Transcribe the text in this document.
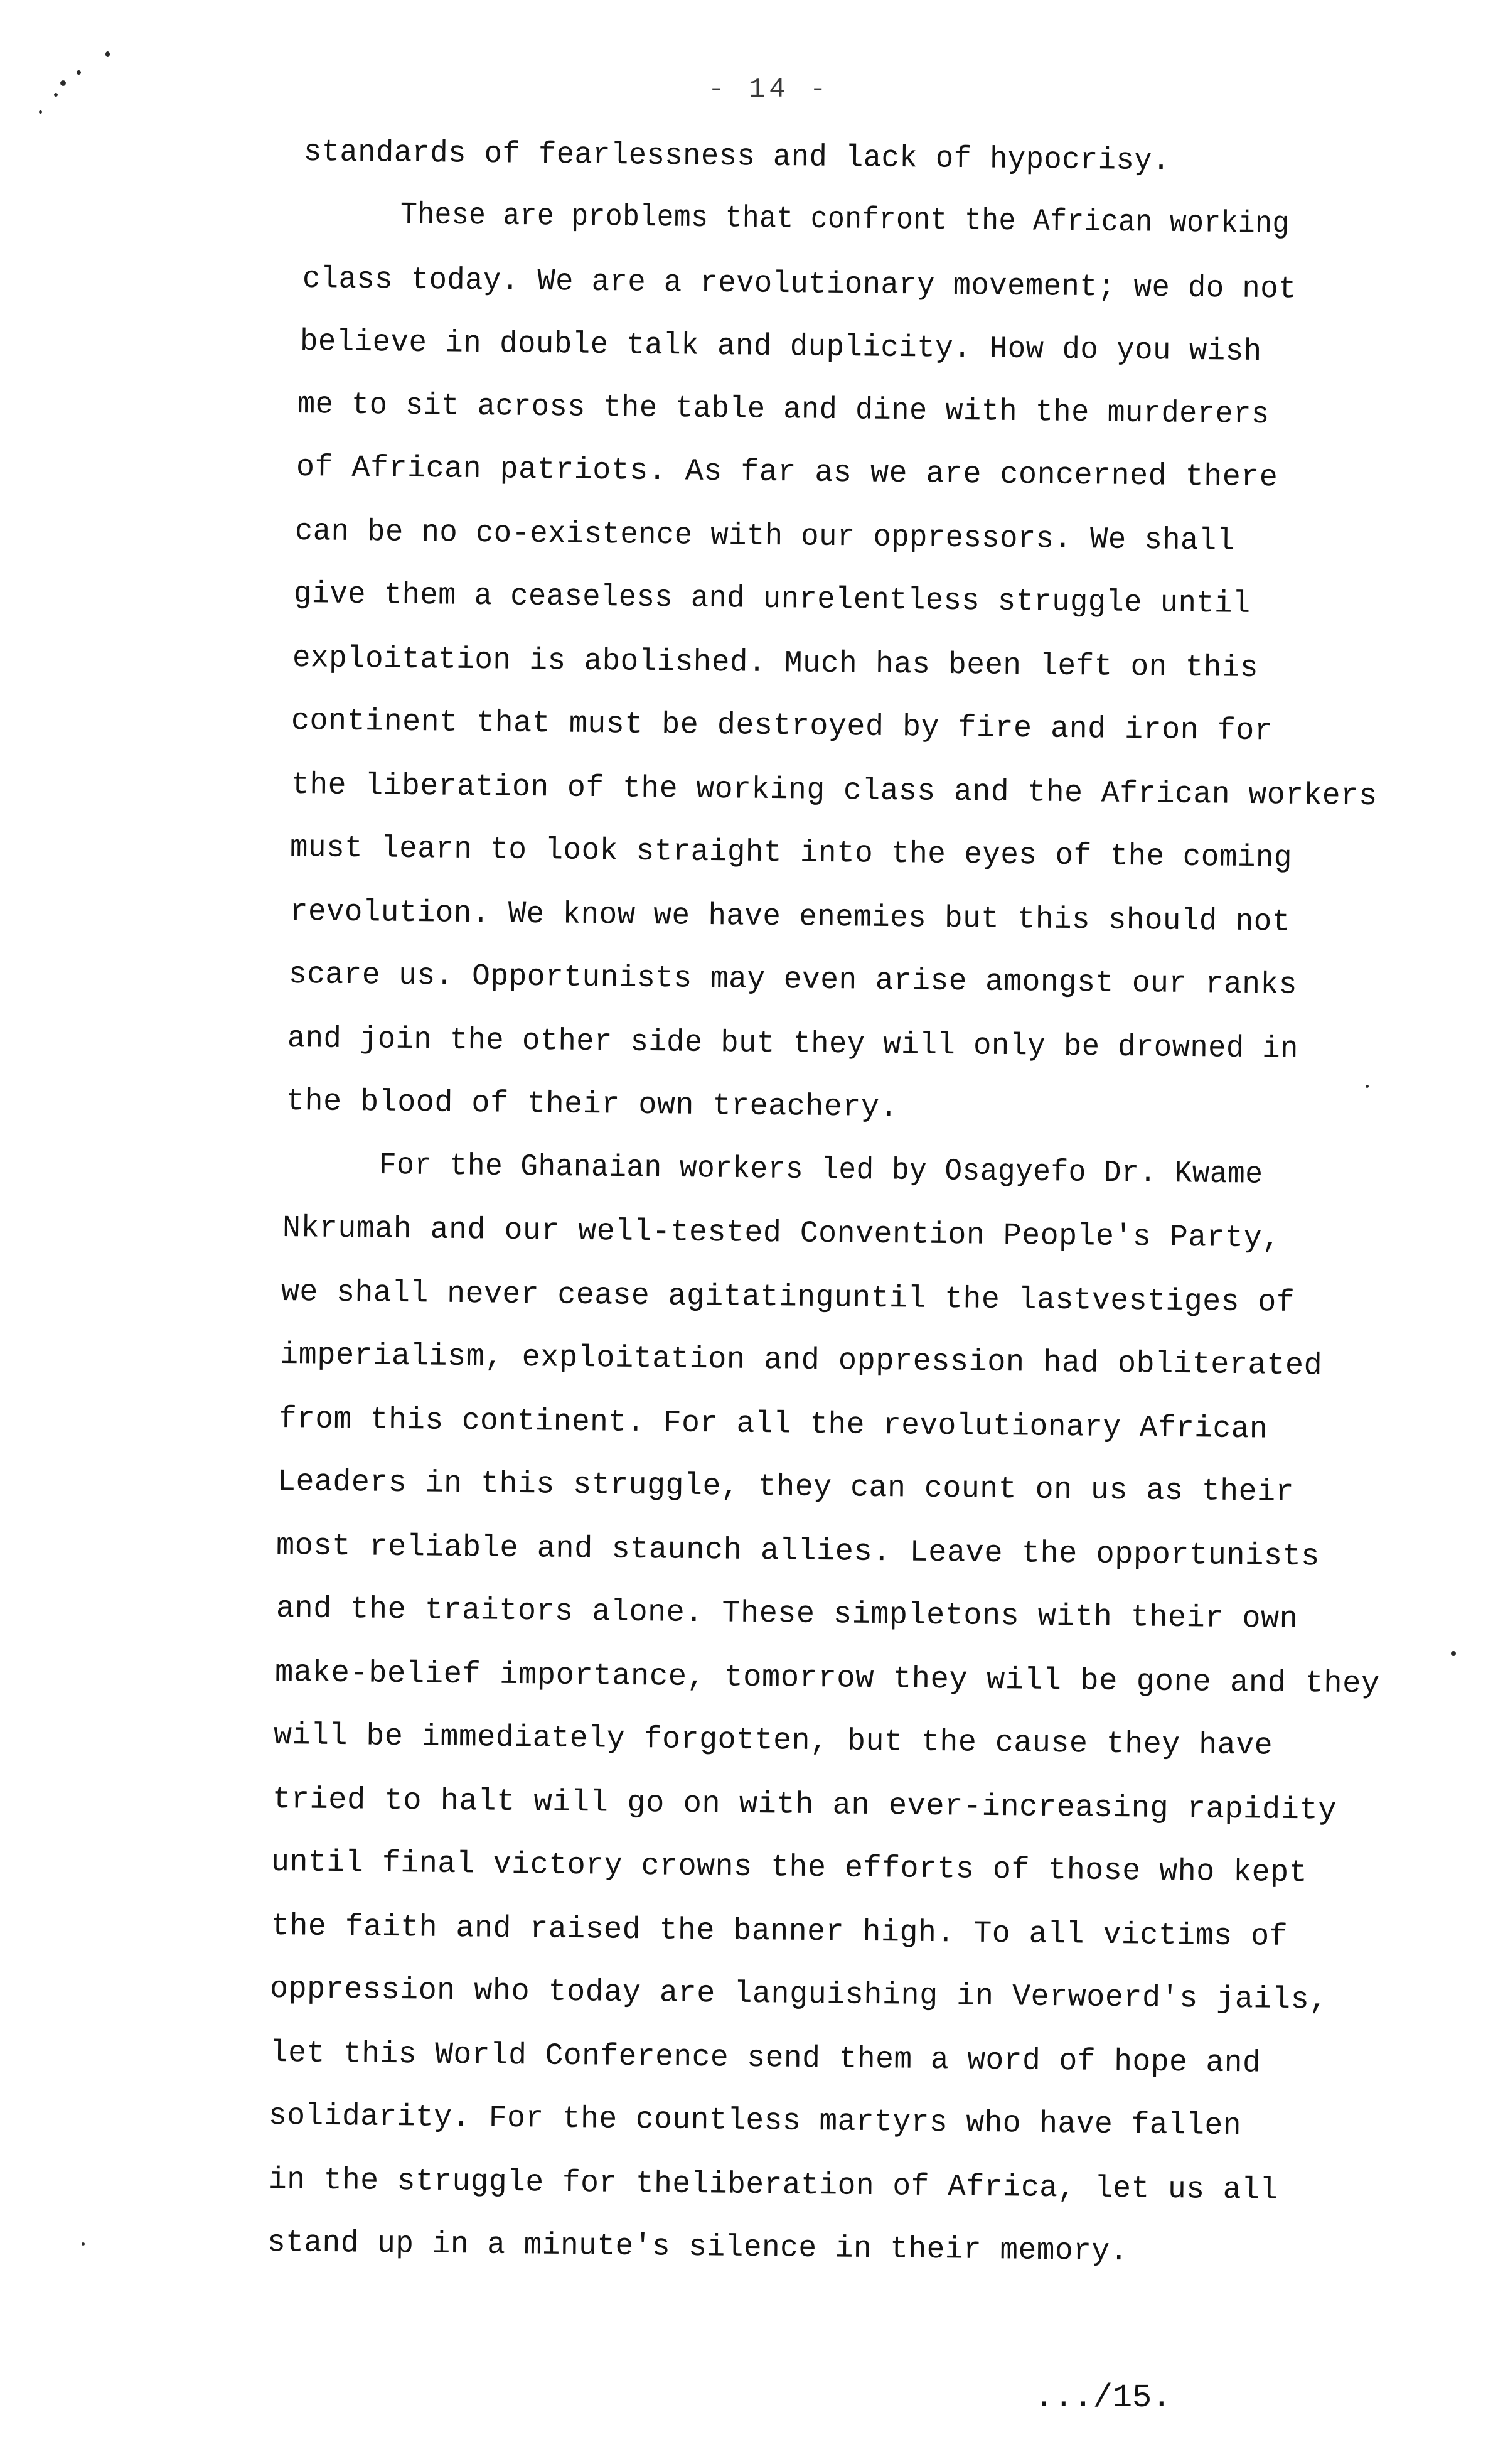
- 14 -
standards of fearlessness and lack of hypocrisy.
These are problems that confront the African working
class today. We are a revolutionary movement; we do not
believe in double talk and duplicity. How do you wish
me to sit across the table and dine with the murderers
of African patriots. As far as we are concerned there
can be no co-existence with our oppressors. We shall
give them a ceaseless and unrelentless struggle until
exploitation is abolished. Much has been left on this
continent that must be destroyed by fire and iron for
the liberation of the working class and the African workers
must learn to look straight into the eyes of the coming
revolution. We know we have enemies but this should not
scare us. Opportunists may even arise amongst our ranks
and join the other side but they will only be drowned in
the blood of their own treachery.
For the Ghanaian workers led by Osagyefo Dr. Kwame
Nkrumah and our well-tested Convention People's Party,
we shall never cease agitatinguntil the lastvestiges of
imperialism, exploitation and oppression had obliterated
from this continent. For all the revolutionary African
Leaders in this struggle, they can count on us as their
most reliable and staunch allies. Leave the opportunists
and the traitors alone. These simpletons with their own
make-belief importance, tomorrow they will be gone and they
will be immediately forgotten, but the cause they have
tried to halt will go on with an ever-increasing rapidity
until final victory crowns the efforts of those who kept
the faith and raised the banner high. To all victims of
oppression who today are languishing in Verwoerd's jails,
let this World Conference send them a word of hope and
solidarity. For the countless martyrs who have fallen
in the struggle for theliberation of Africa, let us all
stand up in a minute's silence in their memory.
.../15.
